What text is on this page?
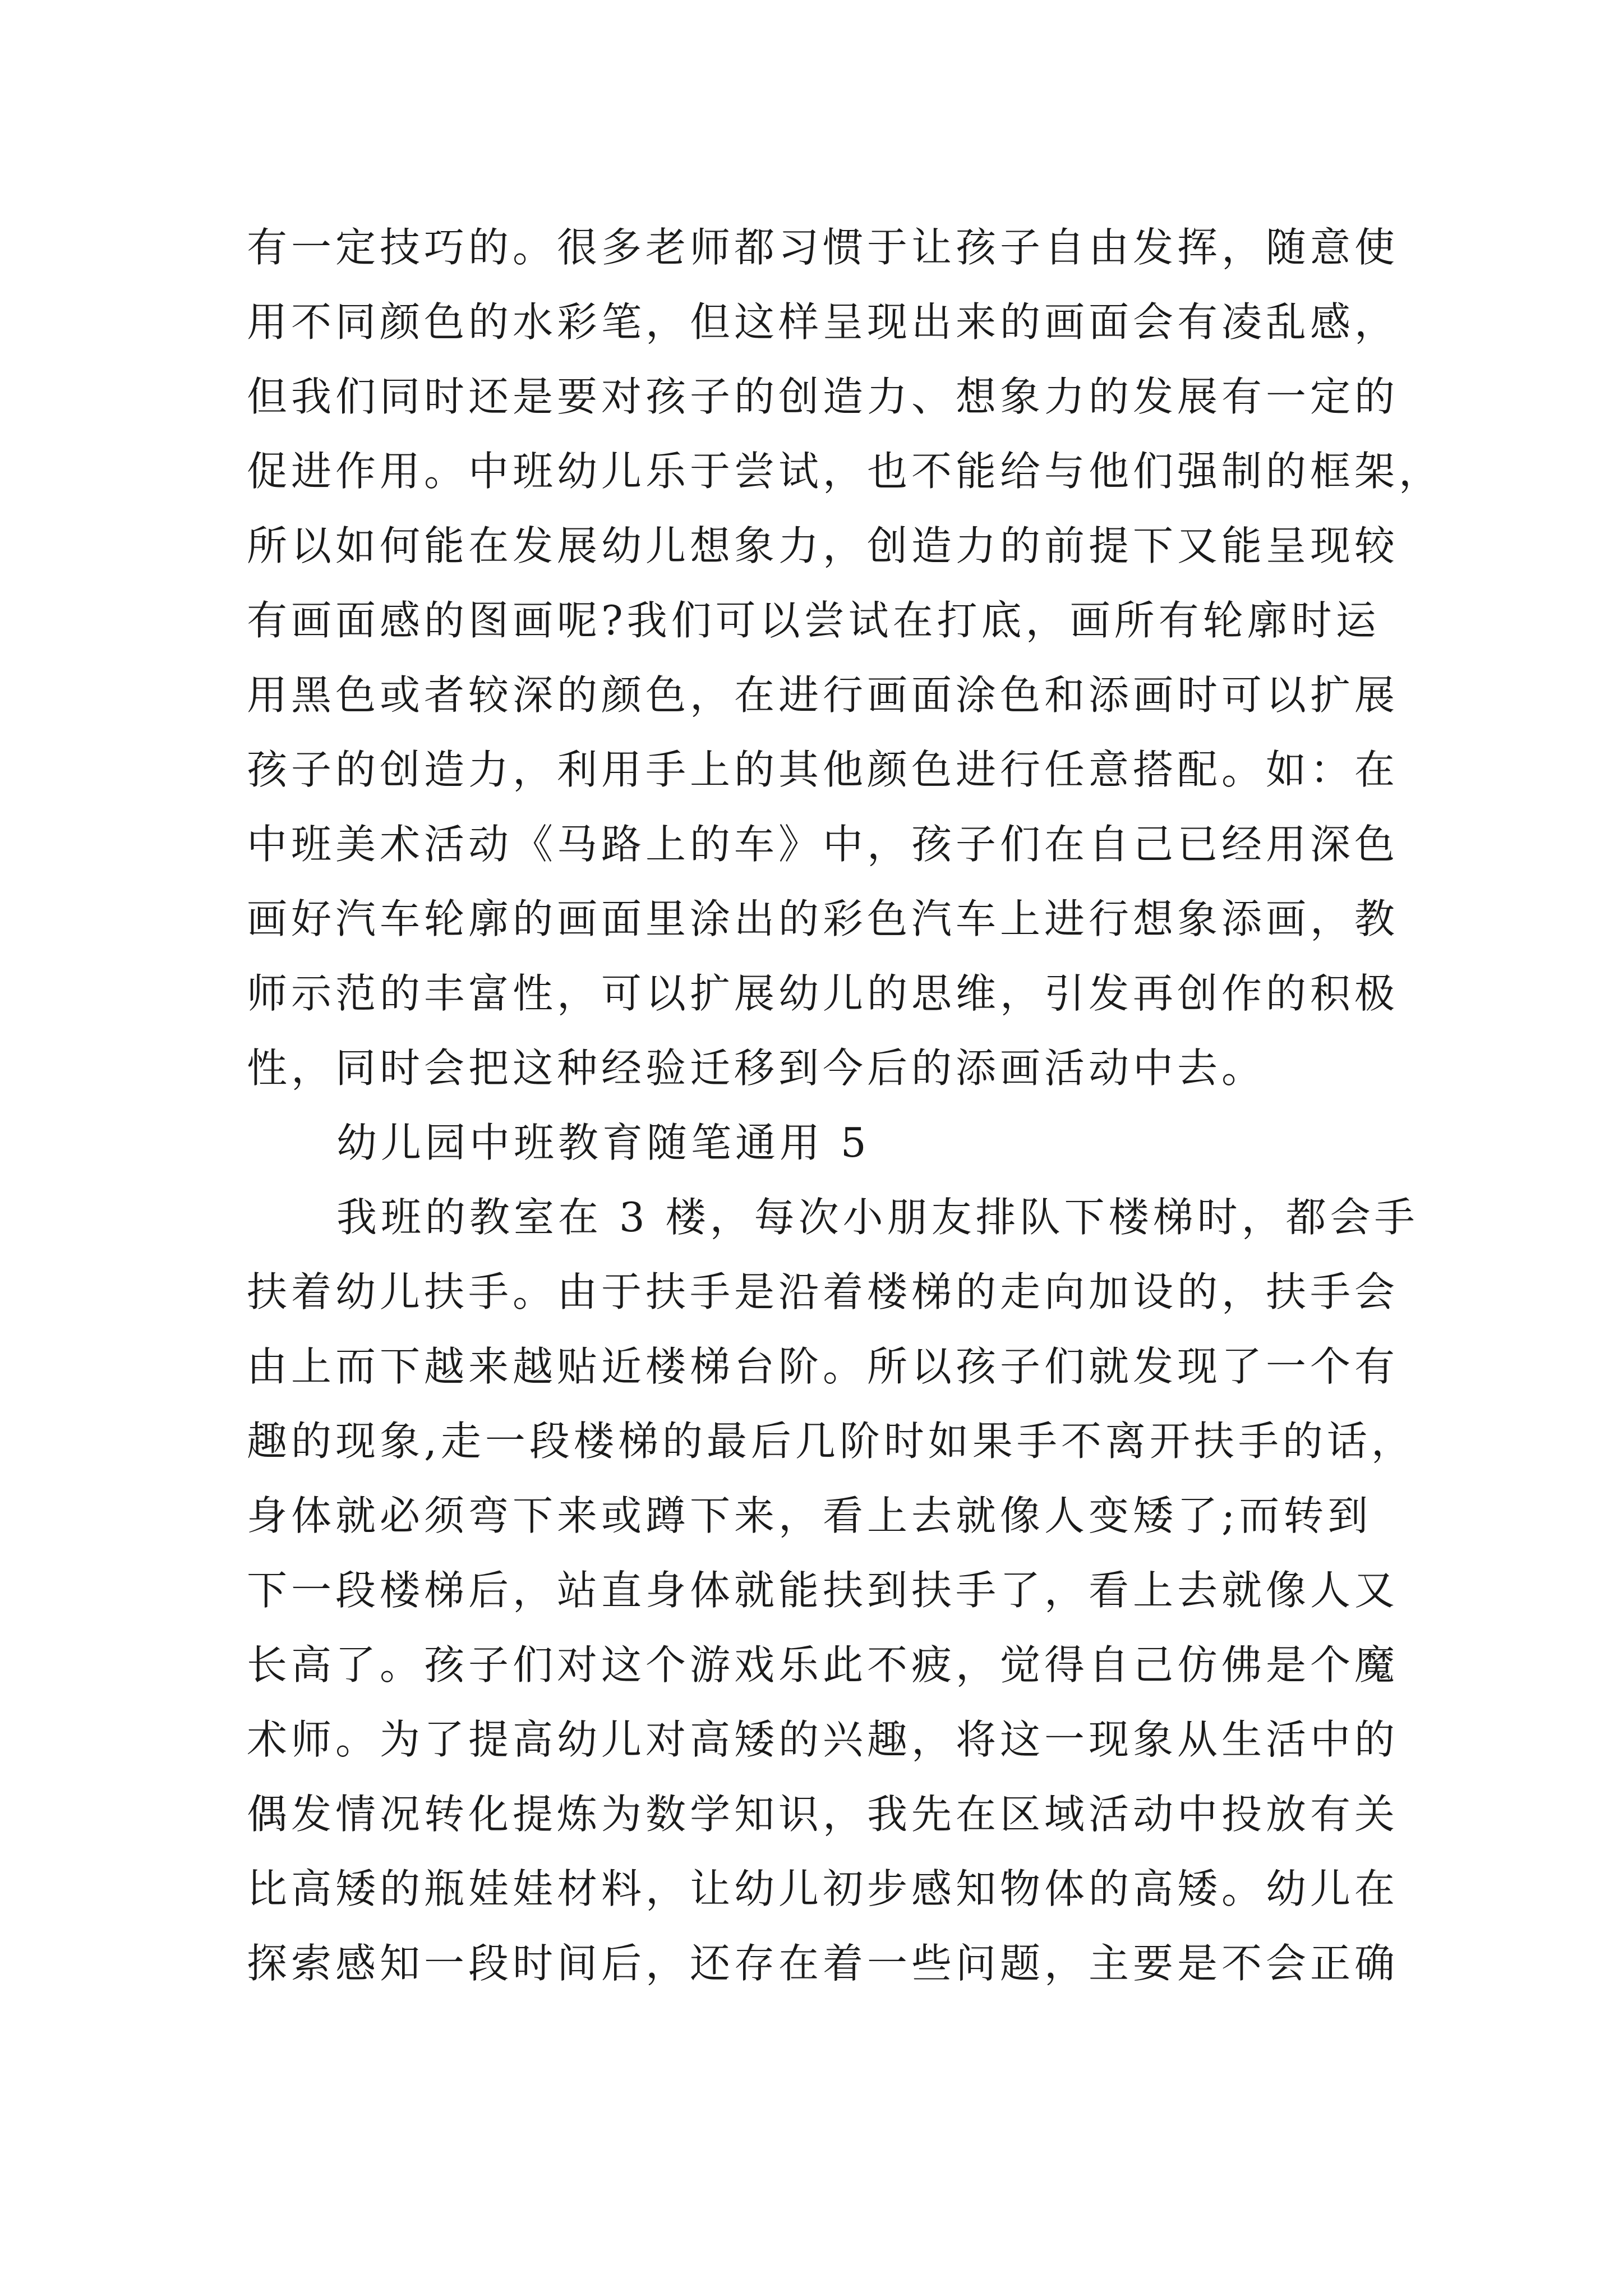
有一定技巧的。很多老师都习惯于让孩子自由发挥，随意使
用不同颜色的水彩笔，但这样呈现出来的画面会有凌乱感，
但我们同时还是要对孩子的创造力、想象力的发展有一定的
促进作用。中班幼儿乐于尝试，也不能给与他们强制的框架，
所以如何能在发展幼儿想象力，创造力的前提下又能呈现较
有画面感的图画呢?我们可以尝试在打底，画所有轮廓时运
用黑色或者较深的颜色，在进行画面涂色和添画时可以扩展
孩子的创造力，利用手上的其他颜色进行任意搭配。如：在
中班美术活动《马路上的车》中，孩子们在自己已经用深色
画好汽车轮廓的画面里涂出的彩色汽车上进行想象添画，教
师示范的丰富性，可以扩展幼儿的思维，引发再创作的积极
性，同时会把这种经验迁移到今后的添画活动中去。
幼儿园中班教育随笔通用 5
我班的教室在 3 楼，每次小朋友排队下楼梯时，都会手
扶着幼儿扶手。由于扶手是沿着楼梯的走向加设的，扶手会
由上而下越来越贴近楼梯台阶。所以孩子们就发现了一个有
趣的现象,走一段楼梯的最后几阶时如果手不离开扶手的话，
身体就必须弯下来或蹲下来，看上去就像人变矮了;而转到
下一段楼梯后，站直身体就能扶到扶手了，看上去就像人又
长高了。孩子们对这个游戏乐此不疲，觉得自己仿佛是个魔
术师。为了提高幼儿对高矮的兴趣，将这一现象从生活中的
偶发情况转化提炼为数学知识，我先在区域活动中投放有关
比高矮的瓶娃娃材料，让幼儿初步感知物体的高矮。幼儿在
探索感知一段时间后，还存在着一些问题，主要是不会正确
